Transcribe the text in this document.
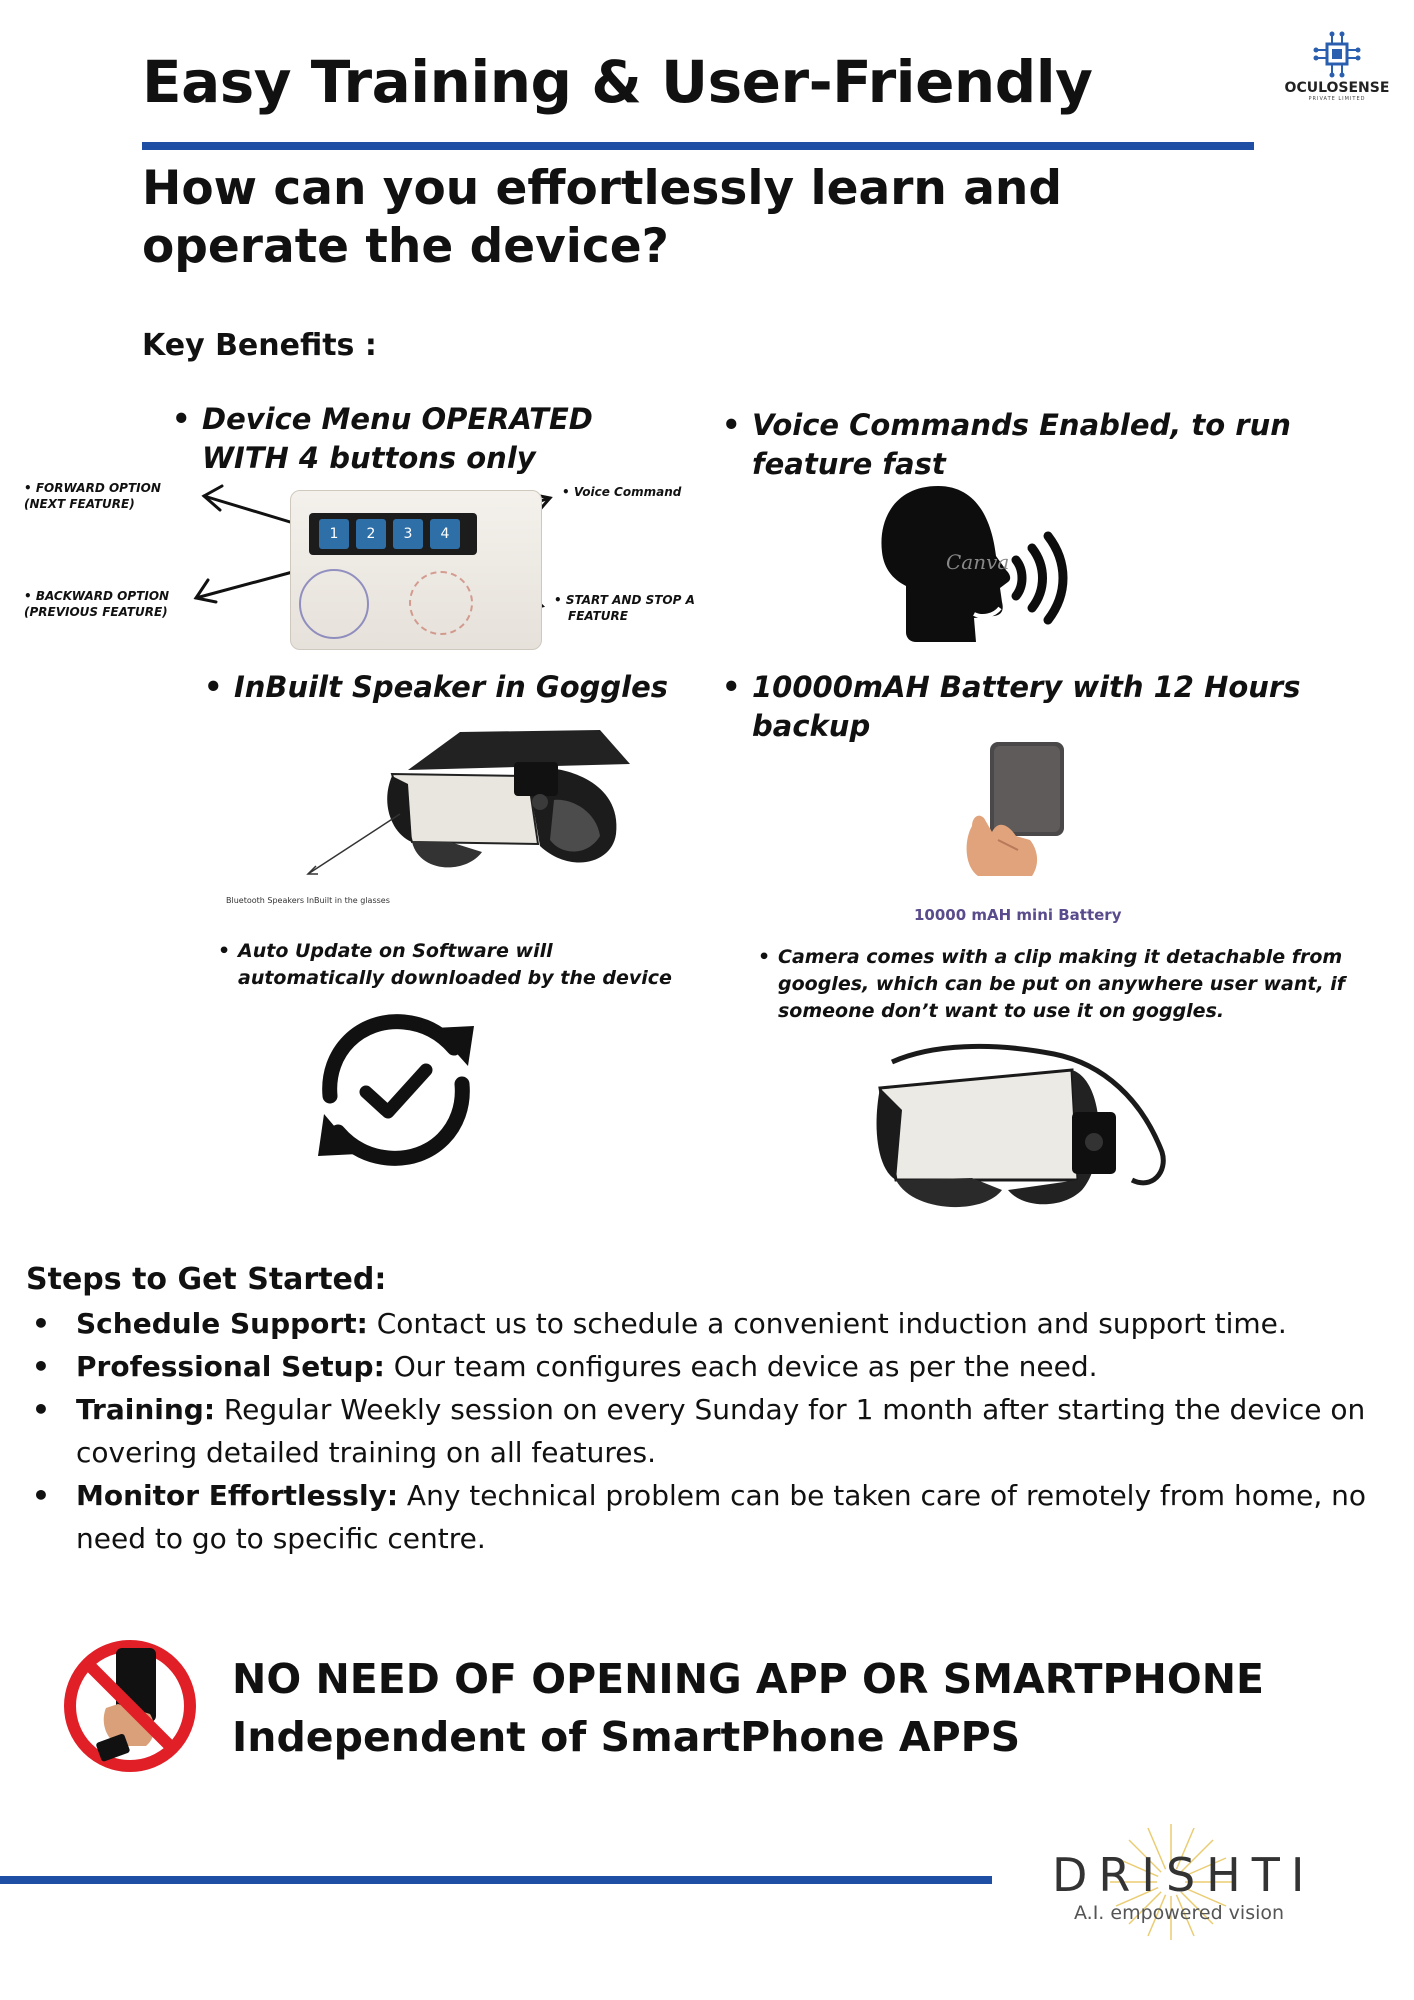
Easy Training & User-Friendly	OCULOSENSE
PRIVATE LIMITED
How can you effortlessly learn and operate the device?
Key Benefits :
• Device Menu OPERATED
WITH 4 buttons only
• FORWARD OPTION
(NEXT FEATURE)
• BACKWARD OPTION
(PREVIOUS FEATURE)
• Voice Command
• START AND STOP A
FEATURE
1	2	3	4
• Voice Commands Enabled, to run
feature fast
Canva
• InBuilt Speaker in Goggles
Bluetooth Speakers InBuilt in the glasses
• 10000mAH Battery with 12 Hours
backup
10000 mAH mini Battery
• Auto Update on Software will
automatically downloaded by the device
• Camera comes with a clip making it detachable from
googles, which can be put on anywhere user want, if
someone don’t want to use it on goggles.
Steps to Get Started:
• Schedule Support: Contact us to schedule a convenient induction and support time.
• Professional Setup: Our team configures each device as per the need.
• Training: Regular Weekly session on every Sunday for 1 month after starting the device on covering detailed training on all features.
• Monitor Effortlessly: Any technical problem can be taken care of remotely from home, no need to go to specific centre.
NO NEED OF OPENING APP OR SMARTPHONE
Independent of SmartPhone APPS
DRISHTI
A.I. empowered vision
